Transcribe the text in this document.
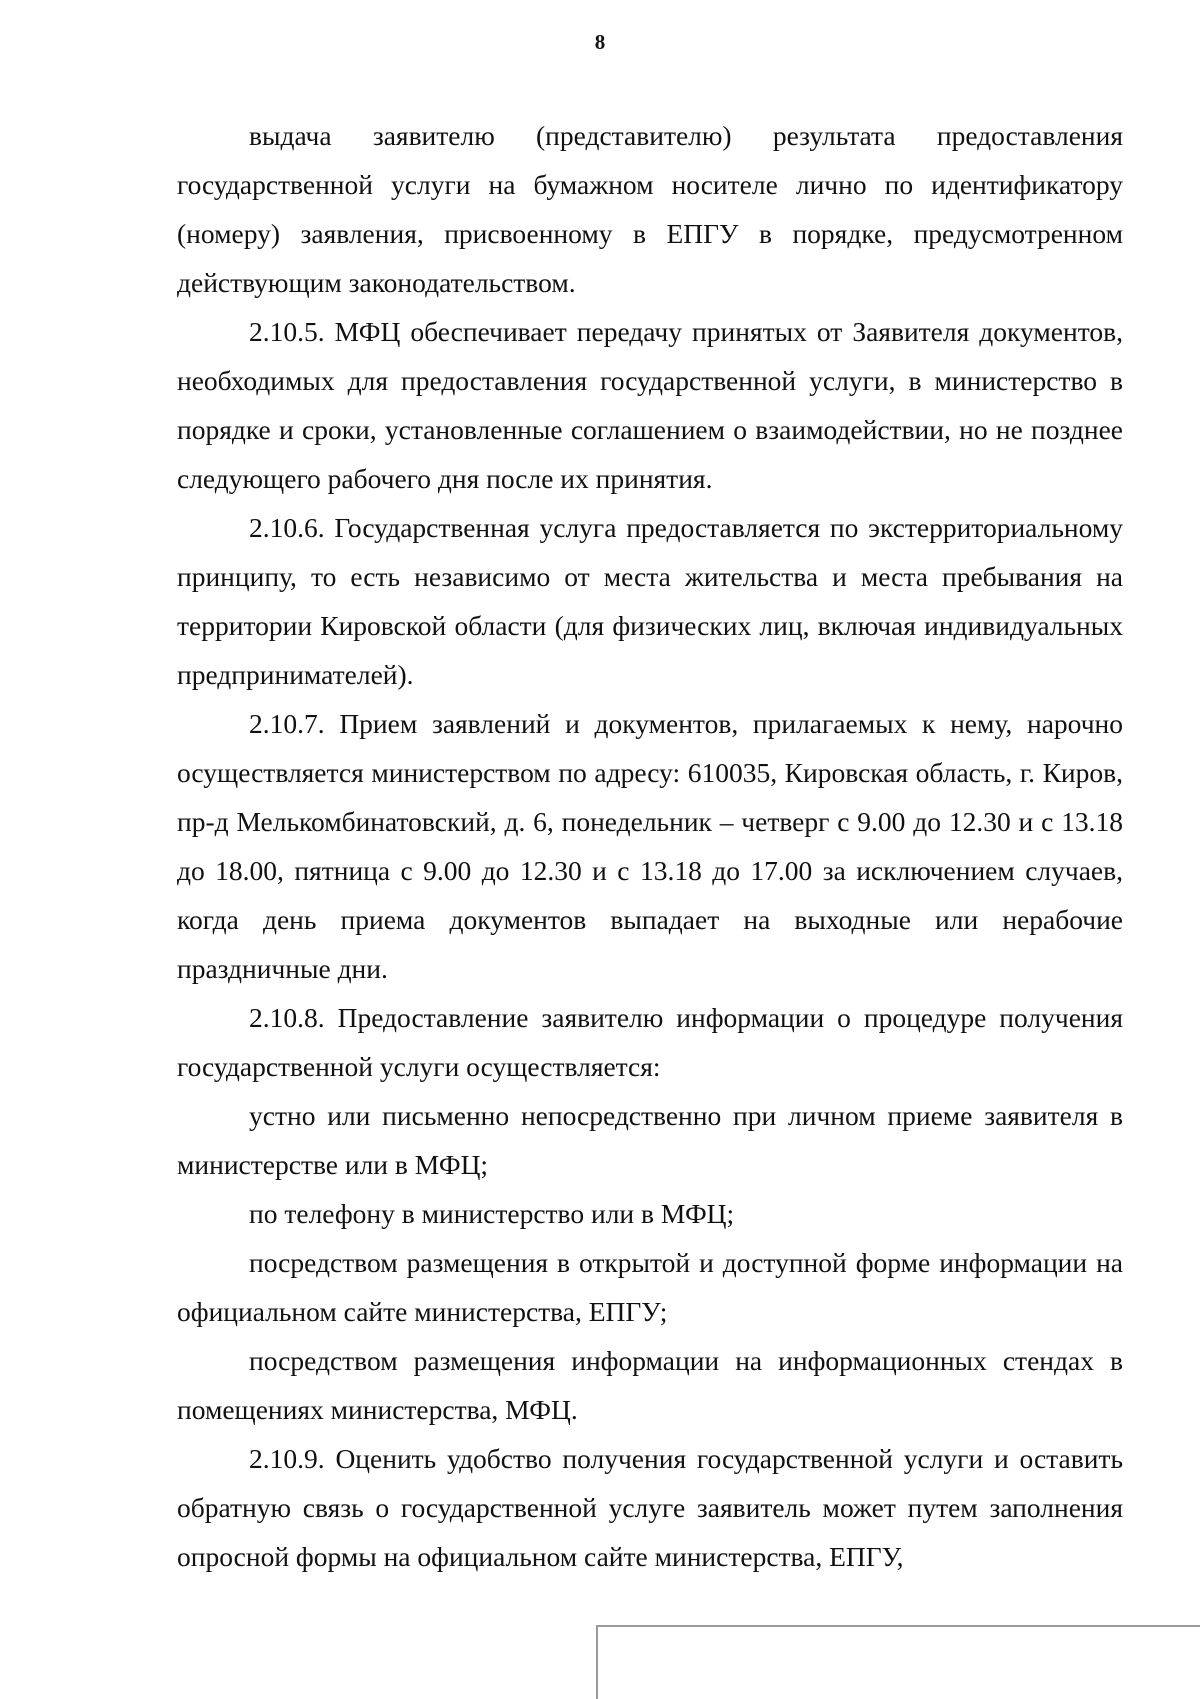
8

выдача заявителю (представителю) результата предоставления государственной услуги на бумажном носителе лично по идентификатору (номеру) заявления, присвоенному в ЕПГУ в порядке, предусмотренном действующим законодательством.

2.10.5. МФЦ обеспечивает передачу принятых от Заявителя документов, необходимых для предоставления государственной услуги, в министерство в порядке и сроки, установленные соглашением о взаимодействии, но не позднее следующего рабочего дня после их принятия.

2.10.6. Государственная услуга предоставляется по экстерриториальному принципу, то есть независимо от места жительства и места пребывания на территории Кировской области (для физических лиц, включая индивидуальных предпринимателей).

2.10.7. Прием заявлений и документов, прилагаемых к нему, нарочно осуществляется министерством по адресу: 610035, Кировская область, г. Киров, пр-д Мелькомбинатовский, д. 6, понедельник – четверг с 9.00 до 12.30 и с 13.18 до 18.00, пятница с 9.00 до 12.30 и с 13.18 до 17.00 за исключением случаев, когда день приема документов выпадает на выходные или нерабочие праздничные дни.

2.10.8. Предоставление заявителю информации о процедуре получения государственной услуги осуществляется:

устно или письменно непосредственно при личном приеме заявителя в министерстве или в МФЦ;

по телефону в министерство или в МФЦ;

посредством размещения в открытой и доступной форме информации на официальном сайте министерства, ЕПГУ;

посредством размещения информации на информационных стендах в помещениях министерства, МФЦ.

2.10.9. Оценить удобство получения государственной услуги и оставить обратную связь о государственной услуге заявитель может путем заполнения опросной формы на официальном сайте министерства, ЕПГУ,
